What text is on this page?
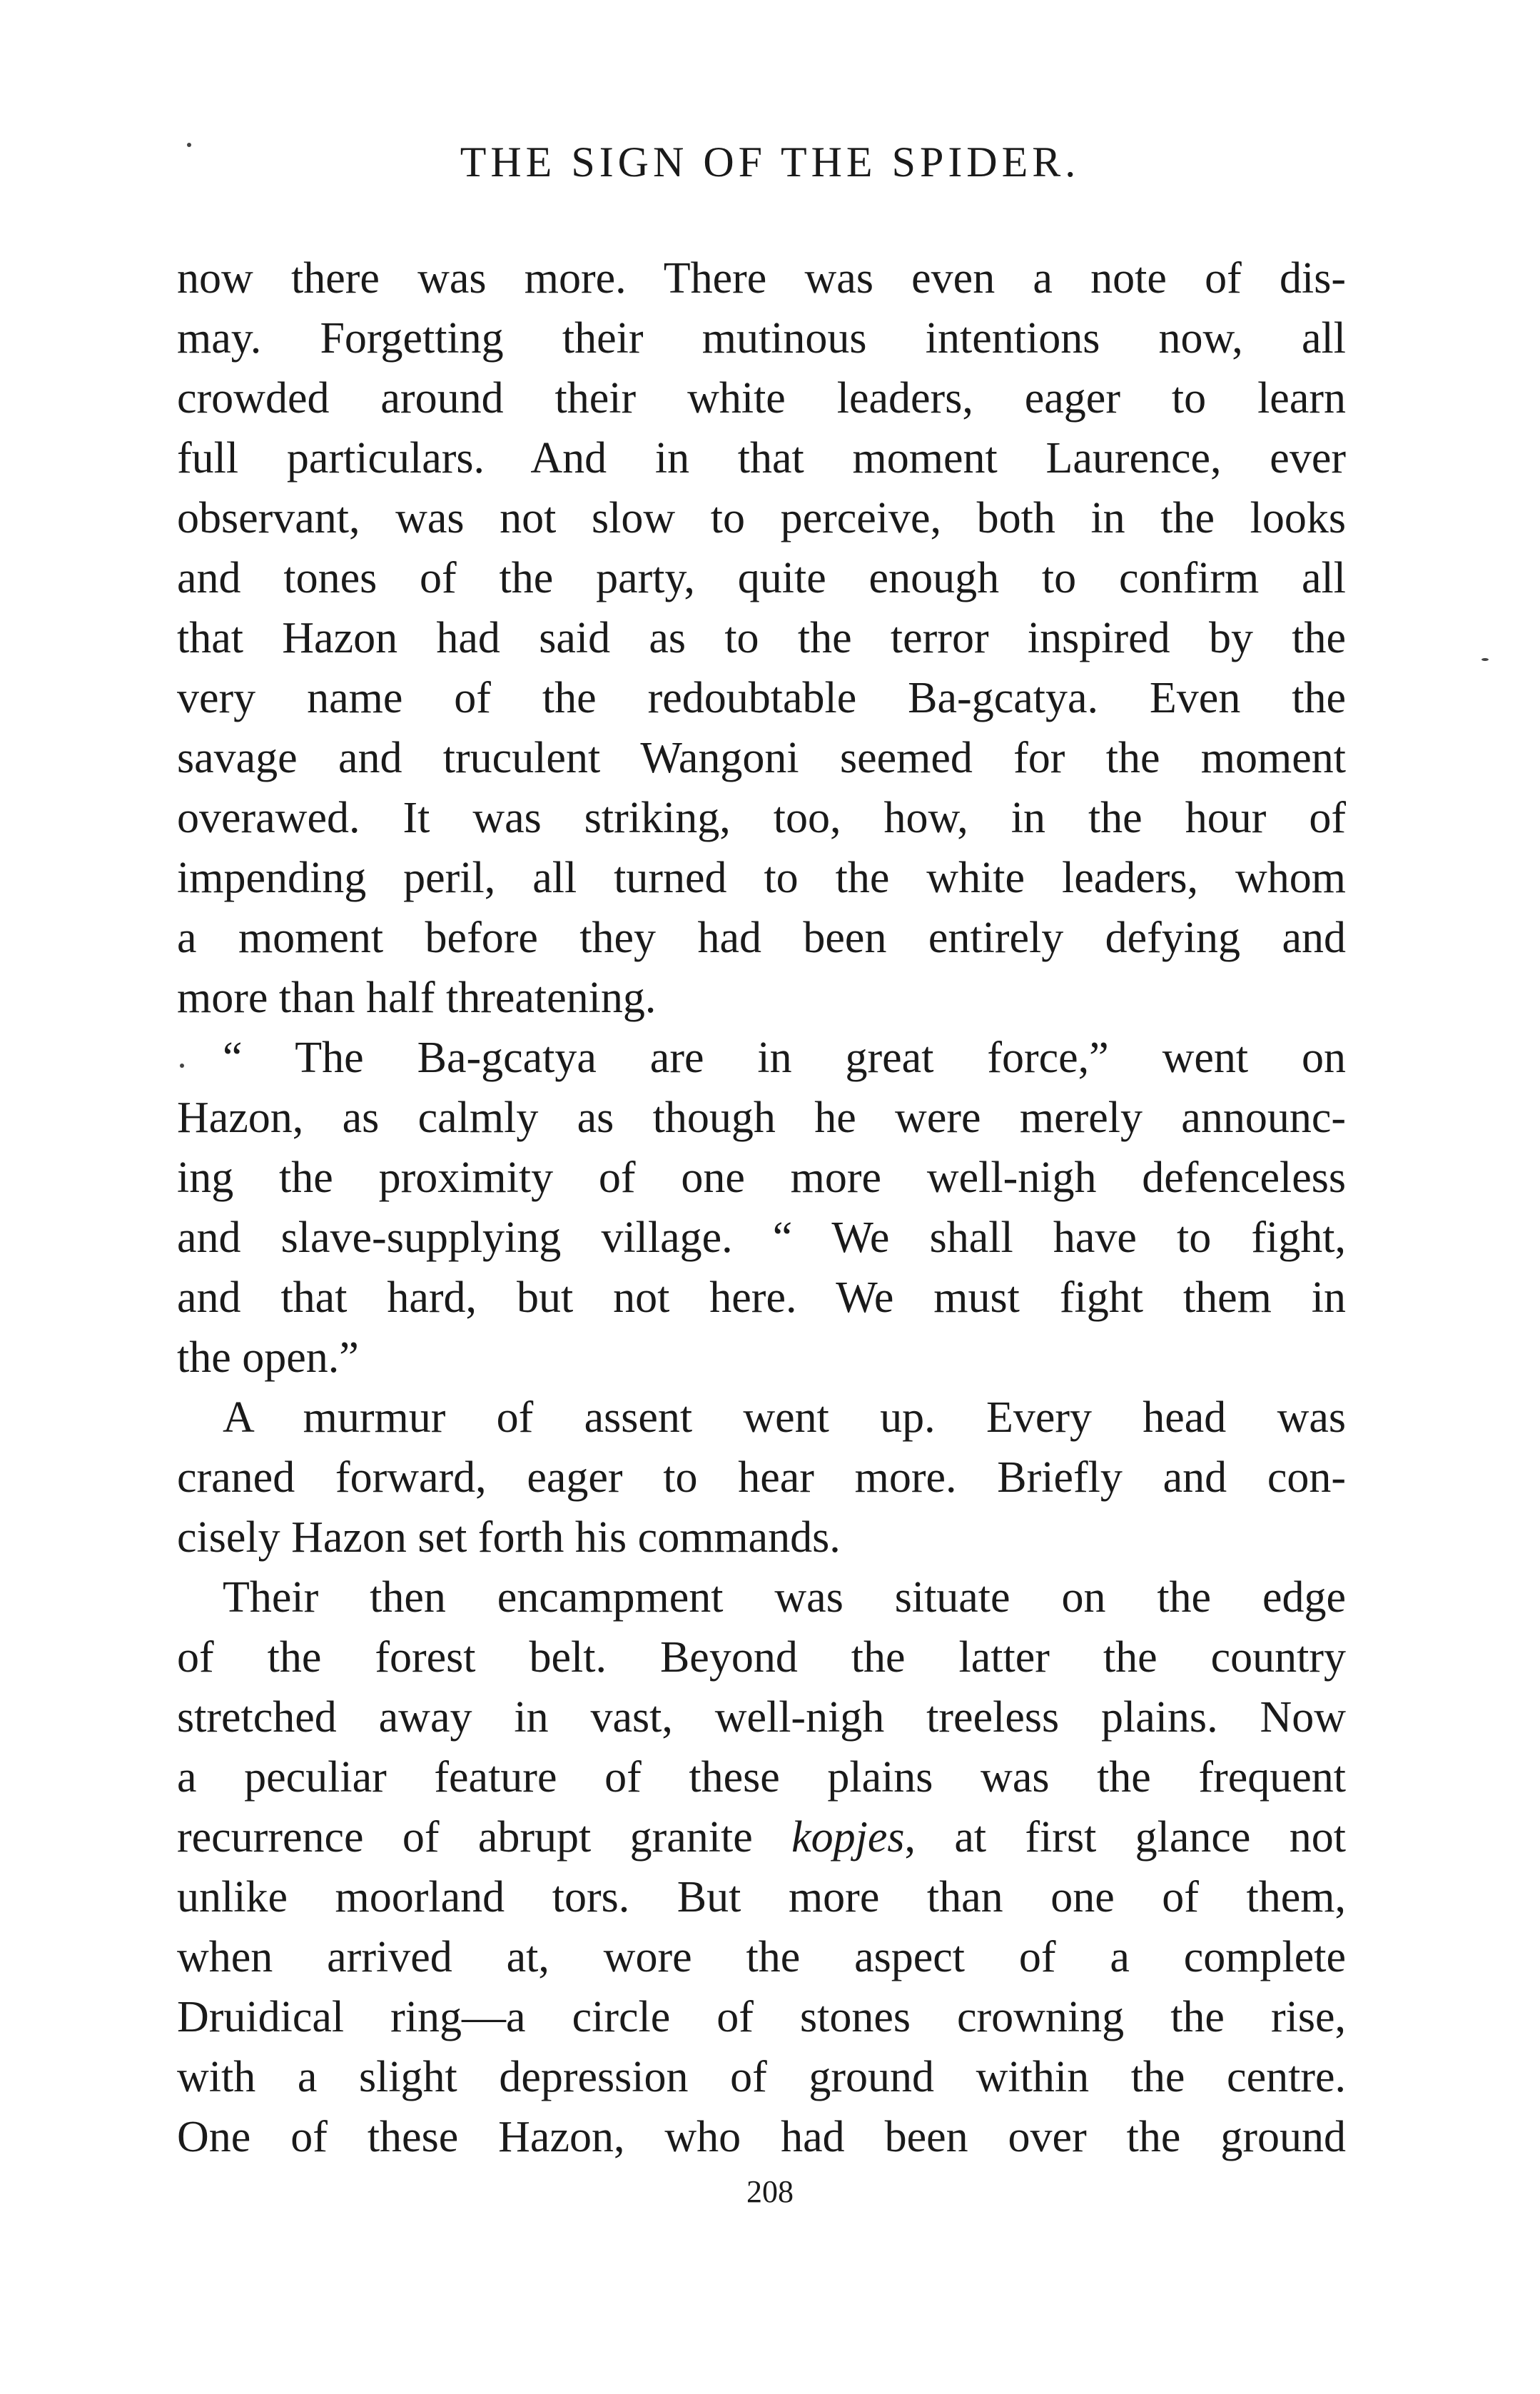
THE SIGN OF THE SPIDER.
now there was more. There was even a note of dis-
may. Forgetting their mutinous intentions now, all
crowded around their white leaders, eager to learn
full particulars. And in that moment Laurence, ever
observant, was not slow to perceive, both in the looks
and tones of the party, quite enough to confirm all
that Hazon had said as to the terror inspired by the
very name of the redoubtable Ba-gcatya. Even the
savage and truculent Wangoni seemed for the moment
overawed. It was striking, too, how, in the hour of
impending peril, all turned to the white leaders, whom
a moment before they had been entirely defying and
more than half threatening.
“ The Ba-gcatya are in great force,” went on
Hazon, as calmly as though he were merely announc-
ing the proximity of one more well-nigh defenceless
and slave-supplying village. “ We shall have to fight,
and that hard, but not here. We must fight them in
the open.”
A murmur of assent went up. Every head was
craned forward, eager to hear more. Briefly and con-
cisely Hazon set forth his commands.
Their then encampment was situate on the edge
of the forest belt. Beyond the latter the country
stretched away in vast, well-nigh treeless plains. Now
a peculiar feature of these plains was the frequent
recurrence of abrupt granite kopjes, at first glance not
unlike moorland tors. But more than one of them,
when arrived at, wore the aspect of a complete
Druidical ring—a circle of stones crowning the rise,
with a slight depression of ground within the centre.
One of these Hazon, who had been over the ground
208
